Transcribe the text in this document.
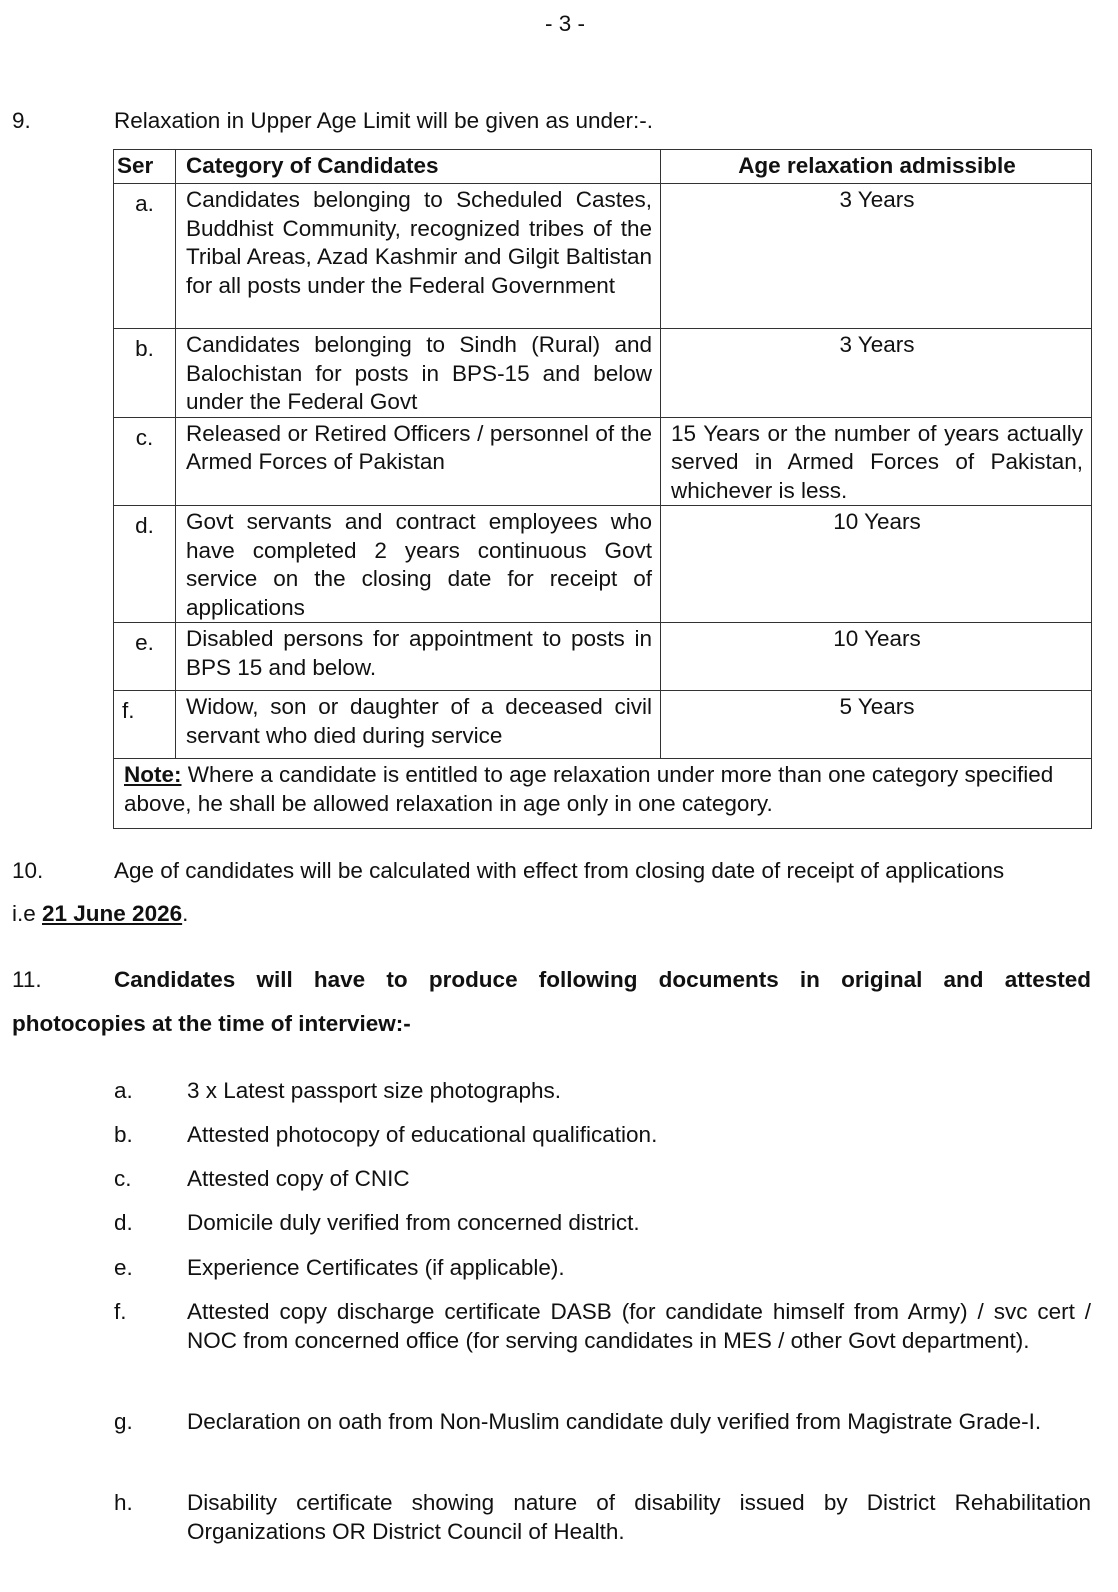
- 3 -
9.	Relaxation in Upper Age Limit will be given as under:-.
Ser	Category of Candidates	Age relaxation admissible
a.	Candidates belonging to Scheduled Castes, Buddhist Community, recognized tribes of the Tribal Areas, Azad Kashmir and Gilgit Baltistan for all posts under the Federal Government	3 Years
b.	Candidates belonging to Sindh (Rural) and Balochistan for posts in BPS-15 and below under the Federal Govt	3 Years
c.	Released or Retired Officers / personnel of the Armed Forces of Pakistan	15 Years or the number of years actually served in Armed Forces of Pakistan, whichever is less.
d.	Govt servants and contract employees who have completed 2 years continuous Govt service on the closing date for receipt of applications	10 Years
e.	Disabled persons for appointment to posts in BPS 15 and below.	10 Years
f.	Widow, son or daughter of a deceased civil servant who died during service	5 Years
Note: Where a candidate is entitled to age relaxation under more than one category specified above, he shall be allowed relaxation in age only in one category.		
10.	Age of candidates will be calculated with effect from closing date of receipt of applications
i.e 21 June 2026.
11.	Candidates will have to produce following documents in original and attested
photocopies at the time of interview:-
a. 3 x Latest passport size photographs.
b. Attested photocopy of educational qualification.
c. Attested copy of CNIC
d. Domicile duly verified from concerned district.
e. Experience Certificates (if applicable).
f.	Attested copy discharge certificate DASB (for candidate himself from Army) / svc cert / NOC from concerned office (for serving candidates in MES / other Govt department).
g. Declaration on oath from Non-Muslim candidate duly verified from Magistrate Grade-I.
h. Disability certificate showing nature of disability issued by District Rehabilitation Organizations OR District Council of Health.
